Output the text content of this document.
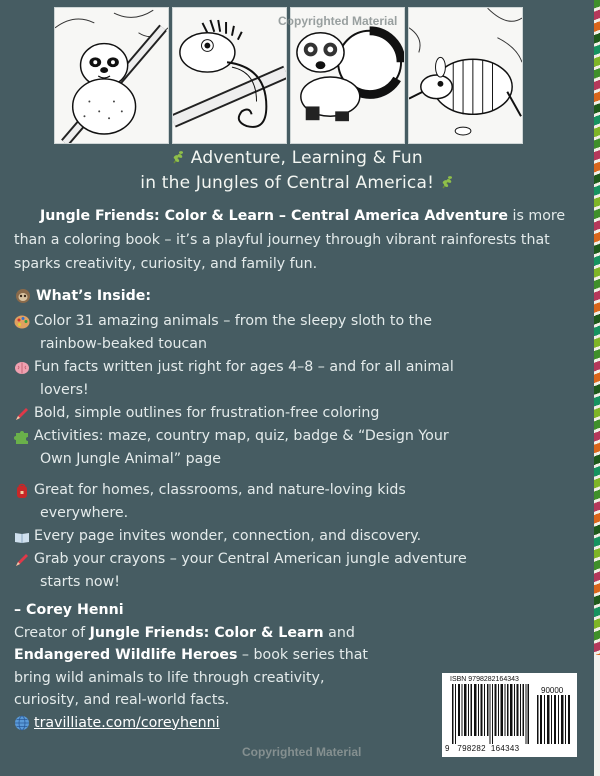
Copyrighted Material
Adventure, Learning & Fun
in the Jungles of Central America!
Jungle Friends: Color & Learn – Central America Adventure is more than a coloring book – it’s a playful journey through vibrant rainforests that sparks creativity, curiosity, and family fun.
What’s Inside:
Color 31 amazing animals – from the sleepy sloth to the
rainbow-beaked toucan
Fun facts written just right for ages 4–8 – and for all animal
lovers!
Bold, simple outlines for frustration-free coloring
Activities: maze, country map, quiz, badge & “Design Your
Own Jungle Animal” page
Great for homes, classrooms, and nature-loving kids
everywhere.
Every page invites wonder, connection, and discovery.
Grab your crayons – your Central American jungle adventure
starts now!
– Corey Henni
Creator of Jungle Friends: Color & Learn and
Endangered Wildlife Heroes – book series that
bring wild animals to life through creativity,
curiosity, and real-world facts.
travilliate.com/coreyhenni
Copyrighted Material
ISBN 9798282164343
90000
9 798282 164343
